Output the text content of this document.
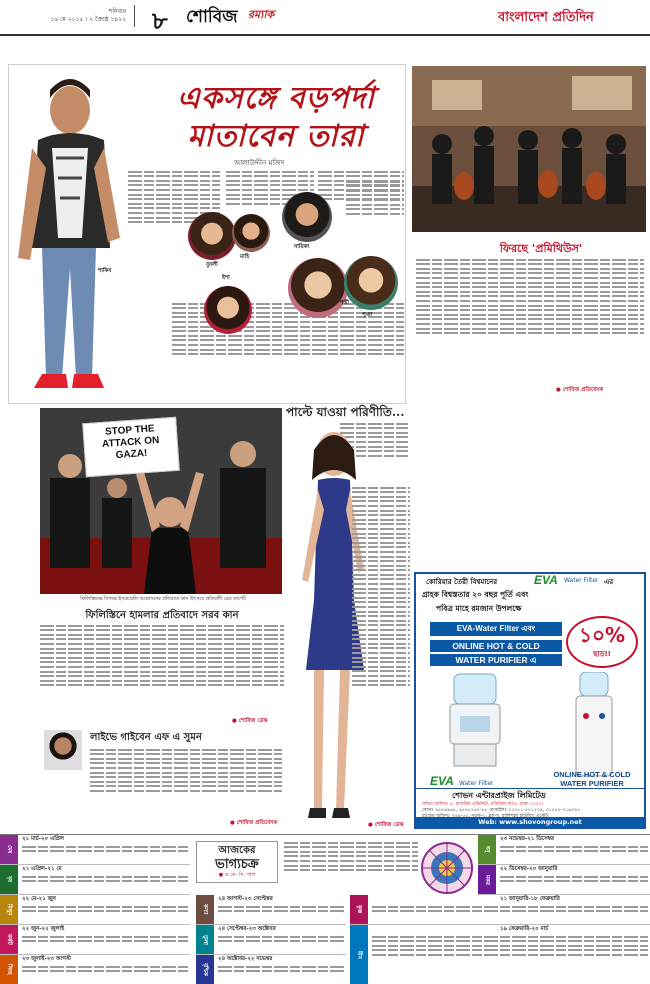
শনিবার
১৬ মে ২০১৫ । ২ জ্যৈষ্ঠ ১৪২২ ৮ শোবিজ রম্যাক	বাংলাদেশ প্রতিদিন
শাকিব
একসঙ্গে বড়পর্দা মাতাবেন তারা
আলাউদ্দীন মজিদ
বুবলী
মাহি
নায়িকা
ইশা
শম্মী
পূজা
ফিরছে 'প্রমিথিউস'
● শোবিজ প্রতিবেদক
STOP THE ATTACK ON GAZA!
ফিলিস্তিনের বিপক্ষে ইসরায়েলি আগ্রাসনের প্রতিবাদে কান উৎসবে প্রতিবাদী রেড কার্পেট
ফিলিস্তিনে হামলার প্রতিবাদে সরব কান
● শোবিজ ডেস্ক
পাল্টে যাওয়া পরিণীতি...
● শোবিজ ডেস্ক
লাইভে গাইবেন এফ এ সুমন
● শোবিজ প্রতিবেদক
কোরিয়ার তৈরী বিশ্বমানের	EVA Water Filter এর
গ্রাহক বিশ্বস্ততার ২০ বছর পূর্তি এবং
পবিত্র মাহে রমজান উপলক্ষে
EVA-Water Filter এবং
ONLINE HOT & COLD
WATER PURIFIER এ
১০%
ছাড়!!
EVA Water Filter
ONLINE HOT & COLD
WATER PURIFIER
শোভন এন্টারপ্রাইজ লিমিটেড
সভিস অফিসঃ ৪, রাজউক এভিনিউ, মতিঝিল বা/এ, ঢাকা-১০০০।
ফোনঃ ৯৫৫৬৯৬৮, ৯৫৬১২৬৭-৮৮ মোবাইলঃ ০১৭১১-৫৭১২০৯, ০১৫৫২-৩১৬০৯৭
Web: www.shovongroup.net
আজকের
ভাগ্যচক্র
● ঙ কে. সি. পাল
মেষ
২১ মার্চ-২০ এপ্রিল
বৃষ
২১ এপ্রিল-২১ মে
মিথুন
২২ মে-২১ জুন
কর্কট
২২ জুন-২২ জুলাই
সিংহ
২৩ জুলাই-২৩ আগস্ট
কন্যা
২৪ আগস্ট-২৩ সেপ্টেম্বর
তুলা
২৪ সেপ্টেম্বর-২৩ অক্টোবর
বৃশ্চিক
২৪ অক্টোবর-২২ নভেম্বর
ধনু
২৩ নভেম্বর-২১ ডিসেম্বর
মকর
২২ ডিসেম্বর-২০ জানুয়ারি
কুম্ভ
২১ জানুয়ারি-১৮ ফেব্রুয়ারি
মীন
১৯ ফেব্রুয়ারি-২০ মার্চ
